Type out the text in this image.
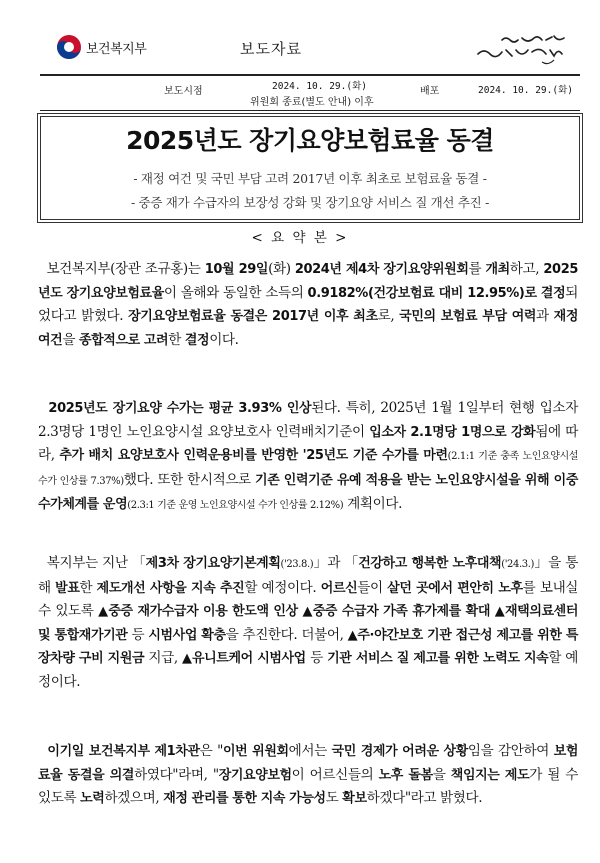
보건복지부	보도자료
보도시점	2024. 10. 29.(화)
위원회 종료(별도 안내) 이후
배포	2024. 10. 29.(화)
2025년도 장기요양보험료율 동결
- 재정 여건 및 국민 부담 고려 2017년 이후 최초로 보험료율 동결 -
- 중증 재가 수급자의 보장성 강화 및 장기요양 서비스 질 개선 추진 -
< 요 약 본 >
보건복지부(장관 조규홍)는 10월 29일(화) 2024년 제4차 장기요양위원회를 개최하고, 2025년도 장기요양보험료율이 올해와 동일한 소득의 0.9182%(건강보험료 대비 12.95%)로 결정되었다고 밝혔다. 장기요양보험료율 동결은 2017년 이후 최초로, 국민의 보험료 부담 여력과 재정 여건을 종합적으로 고려한 결정이다.
2025년도 장기요양 수가는 평균 3.93% 인상된다. 특히, 2025년 1월 1일부터 현행 입소자 2.3명당 1명인 노인요양시설 요양보호사 인력배치기준이 입소자 2.1명당 1명으로 강화됨에 따라, 추가 배치 요양보호사 인력운용비를 반영한 '25년도 기준 수가를 마련(2.1:1 기준 충족 노인요양시설 수가 인상률 7.37%)했다. 또한 한시적으로 기존 인력기준 유예 적용을 받는 노인요양시설을 위해 이중수가체계를 운영(2.3:1 기준 운영 노인요양시설 수가 인상률 2.12%) 계획이다.
복지부는 지난 「제3차 장기요양기본계획('23.8.)」과 「건강하고 행복한 노후대책('24.3.)」을 통해 발표한 제도개선 사항을 지속 추진할 예정이다. 어르신들이 살던 곳에서 편안히 노후를 보내실 수 있도록 ▲중증 재가수급자 이용 한도액 인상 ▲중증 수급자 가족 휴가제를 확대 ▲재택의료센터 및 통합재가기관 등 시범사업 확충을 추진한다. 더불어, ▲주·야간보호 기관 접근성 제고를 위한 특장차량 구비 지원금 지급, ▲유니트케어 시범사업 등 기관 서비스 질 제고를 위한 노력도 지속할 예정이다.
이기일 보건복지부 제1차관은 "이번 위원회에서는 국민 경제가 어려운 상황임을 감안하여 보험료율 동결을 의결하였다"라며, "장기요양보험이 어르신들의 노후 돌봄을 책임지는 제도가 될 수 있도록 노력하겠으며, 재정 관리를 통한 지속 가능성도 확보하겠다"라고 밝혔다.
